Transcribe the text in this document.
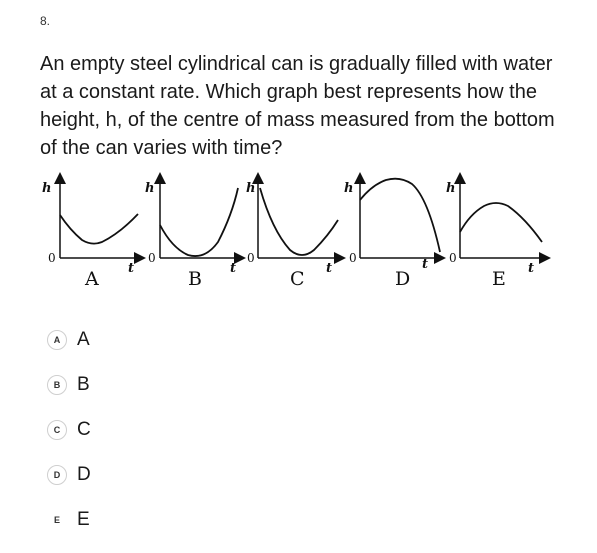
8.
An empty steel cylindrical can is gradually filled with water at a constant rate. Which graph best represents how the height, h, of the centre of mass measured from the bottom of the can varies with time?
h
t
0
A
h
t
0
B
h
t
0
C
h
t
0
D
h
t
0
E
A A
B B
C C
D D
E E
